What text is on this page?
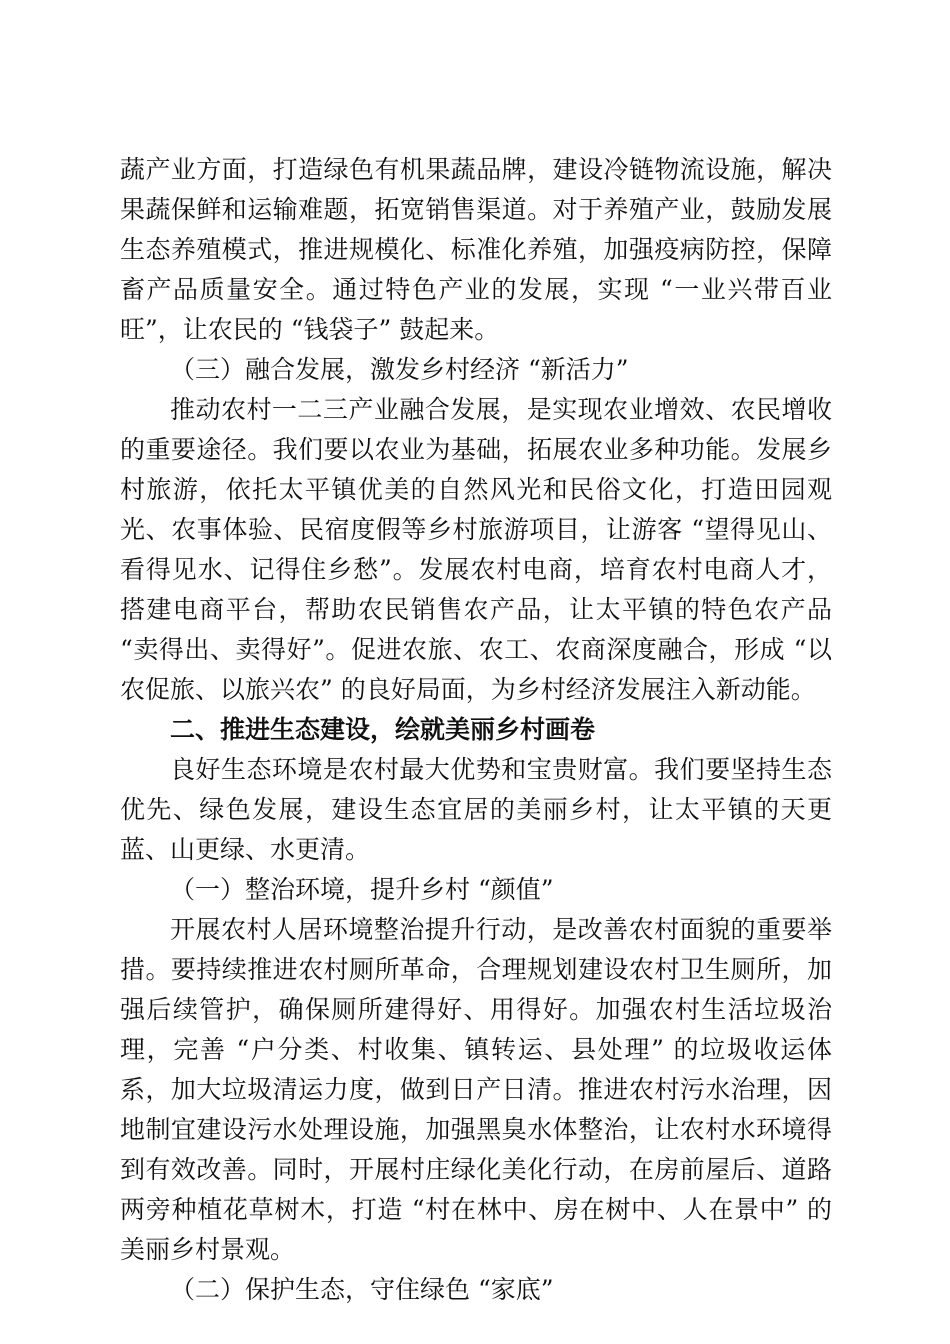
蔬产业方面，打造绿色有机果蔬品牌，建设冷链物流设施，解决果蔬保鲜和运输难题，拓宽销售渠道。对于养殖产业，鼓励发展生态养殖模式，推进规模化、标准化养殖，加强疫病防控，保障畜产品质量安全。通过特色产业的发展，实现 “一业兴带百业旺”，让农民的 “钱袋子” 鼓起来。

（三）融合发展，激发乡村经济 “新活力”

推动农村一二三产业融合发展，是实现农业增效、农民增收的重要途径。我们要以农业为基础，拓展农业多种功能。发展乡村旅游，依托太平镇优美的自然风光和民俗文化，打造田园观光、农事体验、民宿度假等乡村旅游项目，让游客 “望得见山、看得见水、记得住乡愁”。发展农村电商，培育农村电商人才，搭建电商平台，帮助农民销售农产品，让太平镇的特色农产品 “卖得出、卖得好”。促进农旅、农工、农商深度融合，形成 “以农促旅、以旅兴农” 的良好局面，为乡村经济发展注入新动能。

二、推进生态建设，绘就美丽乡村画卷

良好生态环境是农村最大优势和宝贵财富。我们要坚持生态优先、绿色发展，建设生态宜居的美丽乡村，让太平镇的天更蓝、山更绿、水更清。

（一）整治环境，提升乡村 “颜值”

开展农村人居环境整治提升行动，是改善农村面貌的重要举措。要持续推进农村厕所革命，合理规划建设农村卫生厕所，加强后续管护，确保厕所建得好、用得好。加强农村生活垃圾治理，完善 “户分类、村收集、镇转运、县处理” 的垃圾收运体系，加大垃圾清运力度，做到日产日清。推进农村污水治理，因地制宜建设污水处理设施，加强黑臭水体整治，让农村水环境得到有效改善。同时，开展村庄绿化美化行动，在房前屋后、道路两旁种植花草树木，打造 “村在林中、房在树中、人在景中” 的美丽乡村景观。

（二）保护生态，守住绿色 “家底”
